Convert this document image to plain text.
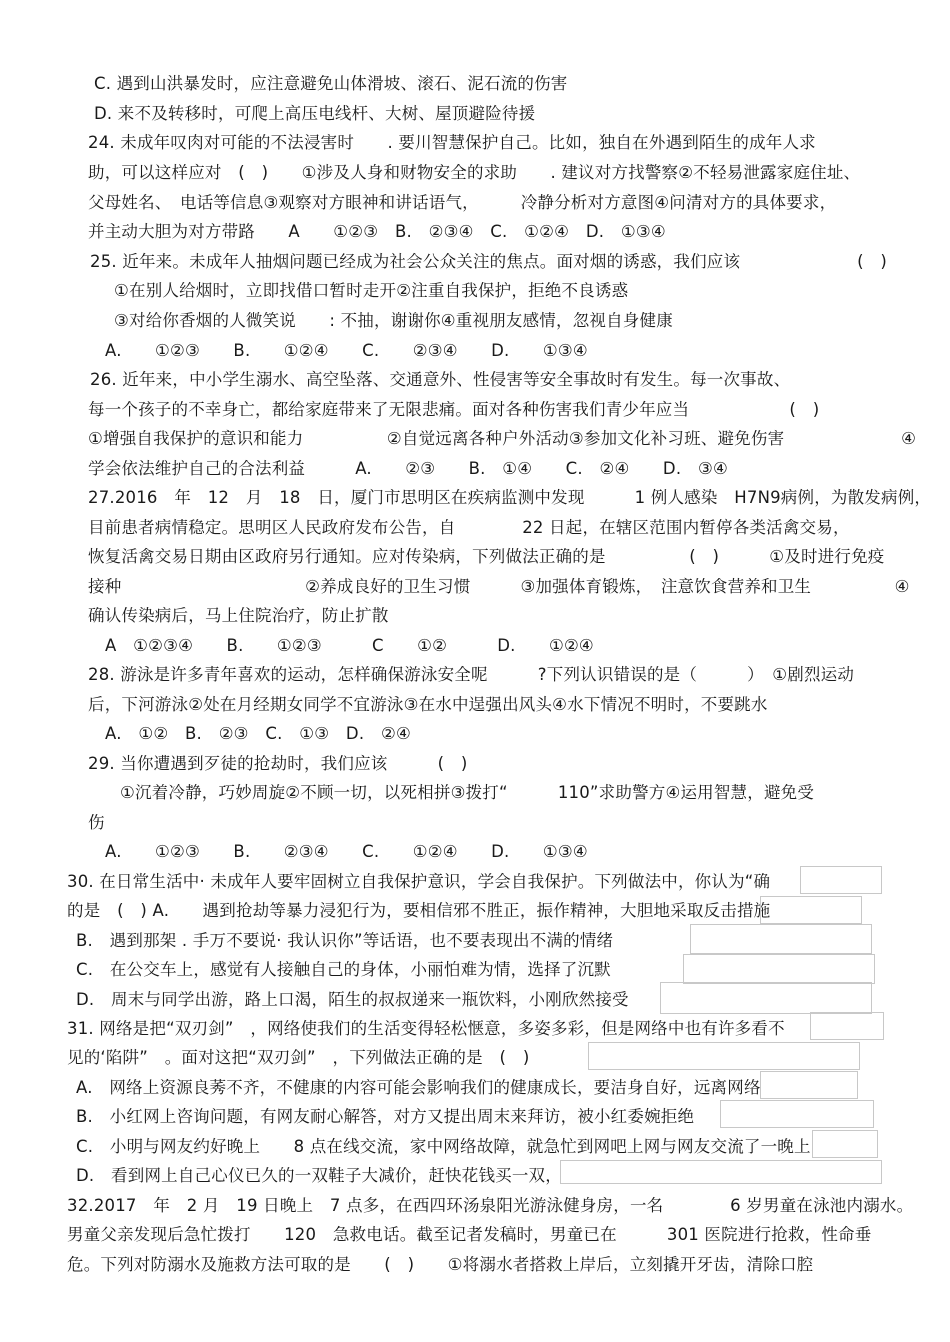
C. 遇到山洪暴发时，应注意避免山体滑坡、滚石、泥石流的伤害
D. 来不及转移时，可爬上高压电线杆、大树、屋顶避险待援
24. 未成年叹肉对可能的不法浸害时　　. 要川智慧保护自己。比如，独自在外遇到陌生的成年人求
助，可以这样应对　(　)　　①涉及人身和财物安全的求助　　. 建议对方找警察②不轻易泄露家庭住址、
父母姓名、　电话等信息③观察对方眼神和讲话语气，　　　冷静分析对方意图④问清对方的具体要求，
并主动大胆为对方带路　　A　　①②③　B.　②③④　C.　①②④　D.　①③④
25. 近年来。未成年人抽烟问题已经成为社会公众关注的焦点。面对烟的诱惑，我们应该　　　　　　　(　)
①在别人给烟时，立即找借口暂时走开②注重自我保护，拒绝不良诱惑
③对给你香烟的人微笑说　　: 不抽，谢谢你④重视朋友感情，忽视自身健康
A.　　①②③　　B.　　①②④　　C.　　②③④　　D.　　①③④
26. 近年来，中小学生溺水、高空坠落、交通意外、性侵害等安全事故时有发生。每一次事故、
每一个孩子的不幸身亡，都给家庭带来了无限悲痛。面对各种伤害我们青少年应当　　　　　　(　)
①增强自我保护的意识和能力　　　　　②自觉远离各种户外活动③参加文化补习班、避免伤害　　　　　　　④
学会依法维护自己的合法利益　　　A.　　②③　　B.　①④　　C.　②④　　D.　③④
27.2016　年　12　月　18　日，厦门市思明区在疾病监测中发现　　　1 例人感染　H7N9病例，为散发病例，
目前患者病情稳定。思明区人民政府发布公告，自　　　　22 日起，在辖区范围内暂停各类活禽交易，
恢复活禽交易日期由区政府另行通知。应对传染病，下列做法正确的是　　　　　(　)　　　①及时进行免疫
接种　　　　　　　　　　　②养成良好的卫生习惯　　　③加强体育锻炼，　注意饮食营养和卫生　　　　　④
确认传染病后，马上住院治疗，防止扩散
A　①②③④　　B.　　①②③　　　C　　①②　　　D.　　①②④
28. 游泳是许多青年喜欢的运动，怎样确保游泳安全呢　　　?下列认识错误的是（　　　）　①剧烈运动
后，下河游泳②处在月经期女同学不宜游泳③在水中逞强出风头④水下情况不明时，不要跳水
A.　①②　B.　②③　C.　①③　D.　②④
29. 当你遭遇到歹徒的抢劫时，我们应该　　　(　)
①沉着冷静，巧妙周旋②不顾一切，以死相拼③拨打“　　　110”求助警方④运用智慧，避免受
伤
A.　　①②③　　B.　　②③④　　C.　　①②④　　D.　　①③④
30. 在日常生活中· 未成年人要牢固树立自我保护意识，学会自我保护。下列做法中，你认为“确
的是　(　) A.　　遇到抢劫等暴力浸犯行为，要相信邪不胜正，振作精神，大胆地采取反击措施
B.　遇到那架 . 手万不要说· 我认识你”等话语，也不要表现出不满的情绪
C.　在公交车上，感觉有人接触自己的身体，小丽怕难为情，选择了沉默
D.　周末与同学出游，路上口渴，陌生的叔叔递来一瓶饮料，小刚欣然接受
31. 网络是把“双刃剑”　，网络使我们的生活变得轻松惬意，多姿多彩，但是网络中也有许多看不
见的‘陷阱”　。面对这把“双刃剑”　，下列做法正确的是　(　)
A.　网络上资源良莠不齐，不健康的内容可能会影响我们的健康成长，要洁身自好，远离网络
B.　小红网上咨询问题，有网友耐心解答，对方又提出周末来拜访，被小红委婉拒绝
C.　小明与网友约好晚上　　8 点在线交流，家中网络故障，就急忙到网吧上网与网友交流了一晚上
D.　看到网上自己心仪已久的一双鞋子大减价，赶快花钱买一双，
32.2017　年　2 月　19 日晚上　7 点多，在西四环汤泉阳光游泳健身房，一名　　　　6 岁男童在泳池内溺水。
男童父亲发现后急忙拨打　　120　急救电话。截至记者发稿时，男童已在　　　301 医院进行抢救，性命垂
危。下列对防溺水及施救方法可取的是　　(　)　　①将溺水者搭救上岸后，立刻撬开牙齿，清除口腔
